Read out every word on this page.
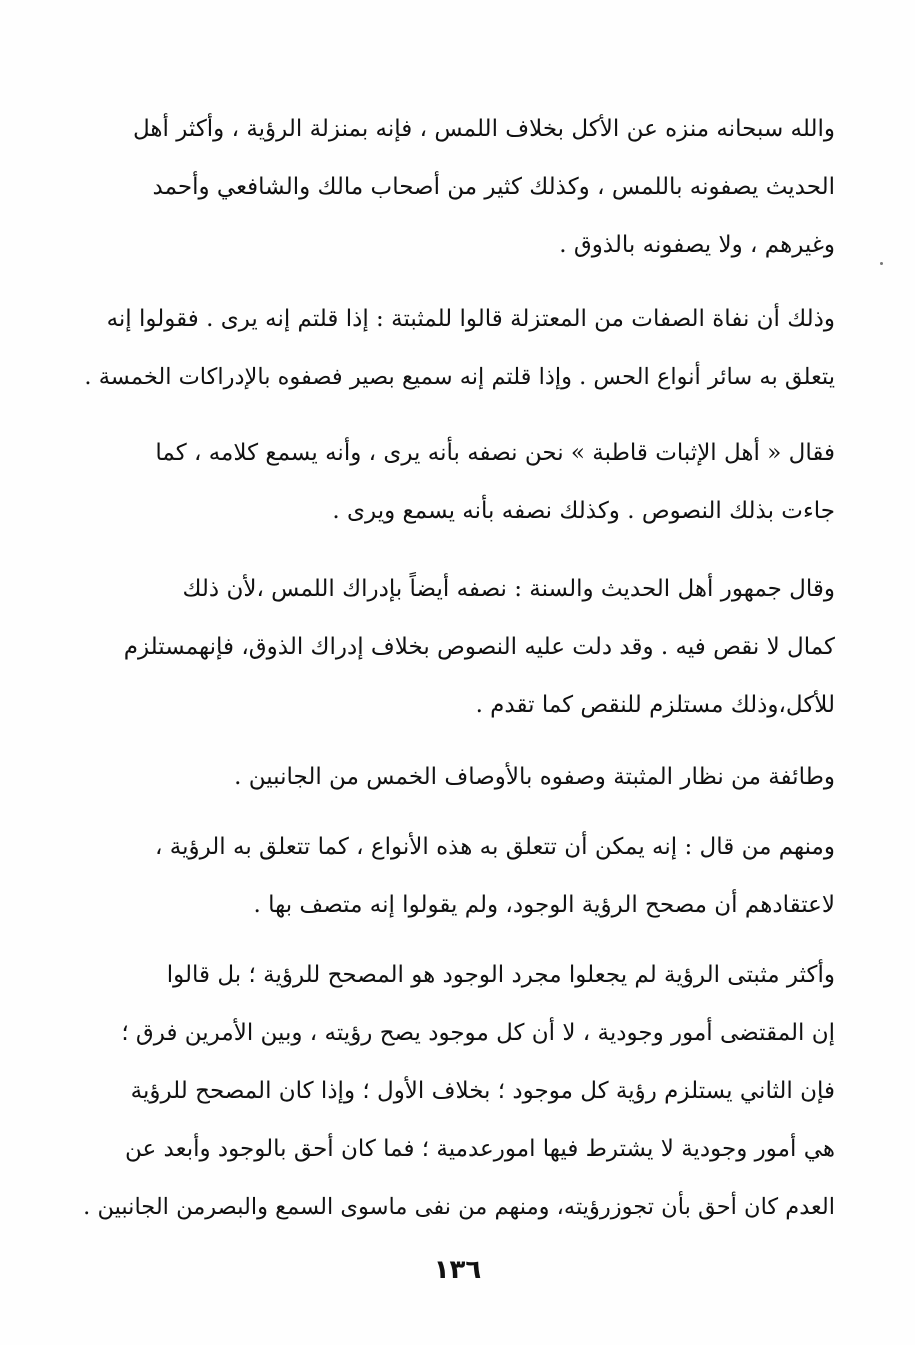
والله سبحانه منزه عن الأكل بخلاف اللمس ، فإنه بمنزلة الرؤية ، وأكثر أهل
الحديث يصفونه باللمس ، وكذلك كثير من أصحاب مالك والشافعي وأحمد
وغيرهم ، ولا يصفونه بالذوق .
وذلك أن نفاة الصفات من المعتزلة قالوا للمثبتة : إذا قلتم إنه يرى . فقولوا إنه
يتعلق به سائر أنواع الحس . وإذا قلتم إنه سميع بصير فصفوه بالإدراكات الخمسة .
فقال « أهل الإثبات قاطبة » نحن نصفه بأنه يرى ، وأنه يسمع كلامه ، كما
جاءت بذلك النصوص . وكذلك نصفه بأنه يسمع ويرى .
وقال جمهور أهل الحديث والسنة : نصفه أيضاً بإدراك اللمس ،لأن ذلك
كمال لا نقص فيه . وقد دلت عليه النصوص بخلاف إدراك الذوق، فإنهمستلزم
للأكل،وذلك مستلزم للنقص كما تقدم .
وطائفة من نظار المثبتة وصفوه بالأوصاف الخمس من الجانبين .
ومنهم من قال : إنه يمكن أن تتعلق به هذه الأنواع ، كما تتعلق به الرؤية ،
لاعتقادهم أن مصحح الرؤية الوجود، ولم يقولوا إنه متصف بها .
وأكثر مثبتى الرؤية لم يجعلوا مجرد الوجود هو المصحح للرؤية ؛ بل قالوا
إن المقتضى أمور وجودية ، لا أن كل موجود يصح رؤيته ، وبين الأمرين فرق ؛
فإن الثاني يستلزم رؤية كل موجود ؛ بخلاف الأول ؛ وإذا كان المصحح للرؤية
هي أمور وجودية لا يشترط فيها امورعدمية ؛ فما كان أحق بالوجود وأبعد عن
العدم كان أحق بأن تجوزرؤيته، ومنهم من نفى ماسوى السمع والبصرمن الجانبين .
١٣٦
